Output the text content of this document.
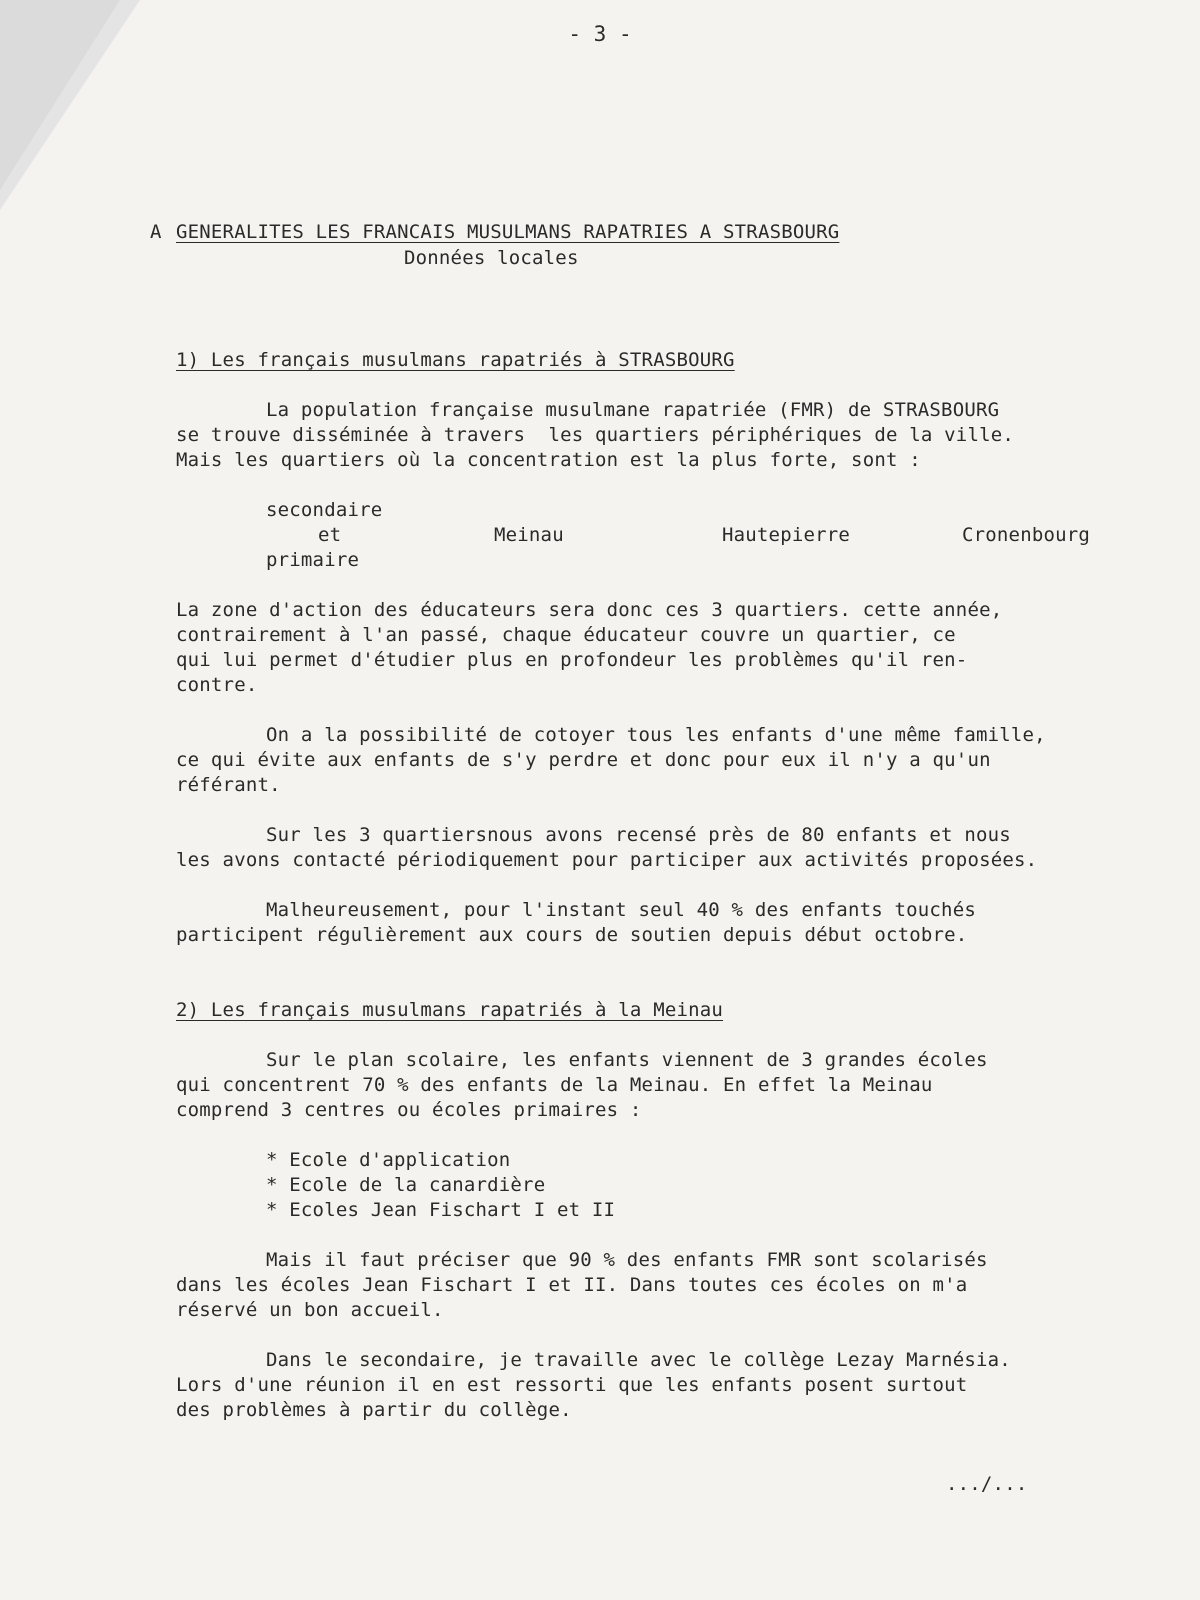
- 3 -
A GENERALITES LES FRANCAIS MUSULMANS RAPATRIES A STRASBOURG
Données locales
1) Les français musulmans rapatriés à STRASBOURG
La population française musulmane rapatriée (FMR) de STRASBOURG
se trouve disséminée à travers  les quartiers périphériques de la ville.
Mais les quartiers où la concentration est la plus forte, sont :
secondaire
et
primaire
Meinau	Hautepierre	Cronenbourg
La zone d'action des éducateurs sera donc ces 3 quartiers. cette année,
contrairement à l'an passé, chaque éducateur couvre un quartier, ce
qui lui permet d'étudier plus en profondeur les problèmes qu'il ren-
contre.
On a la possibilité de cotoyer tous les enfants d'une même famille,
ce qui évite aux enfants de s'y perdre et donc pour eux il n'y a qu'un
référant.
Sur les 3 quartiersnous avons recensé près de 80 enfants et nous
les avons contacté périodiquement pour participer aux activités proposées.
Malheureusement, pour l'instant seul 40 % des enfants touchés
participent régulièrement aux cours de soutien depuis début octobre.
2) Les français musulmans rapatriés à la Meinau
Sur le plan scolaire, les enfants viennent de 3 grandes écoles
qui concentrent 70 % des enfants de la Meinau. En effet la Meinau
comprend 3 centres ou écoles primaires :
* Ecole d'application
* Ecole de la canardière
* Ecoles Jean Fischart I et II
Mais il faut préciser que 90 % des enfants FMR sont scolarisés
dans les écoles Jean Fischart I et II. Dans toutes ces écoles on m'a
réservé un bon accueil.
Dans le secondaire, je travaille avec le collège Lezay Marnésia.
Lors d'une réunion il en est ressorti que les enfants posent surtout
des problèmes à partir du collège.
.../...
